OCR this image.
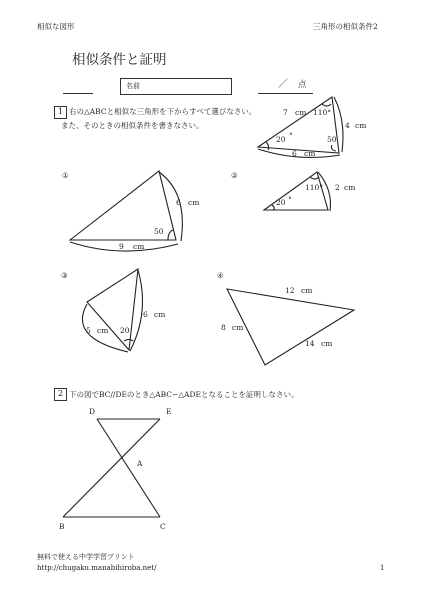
相似な図形	三角形の相似条件2
相似条件と証明
名前	／ 点
1 右の△ABCと相似な三角形を下からすべて選びなさい。
また、そのときの相似条件を書きなさい。
7 cm 110°
4 cm
20 °	50
6 cm
①
6 cm
50
9 cm
②
110° 2 cm
20 °
③
5 cm 20
6 cm
④
12 cm
8 cm
14 cm
D	E
A
B	C
2 下の図でBC//DEのとき△ABC∽△ADEとなることを証明しなさい。
無料で使える中学学習プリント
http://chugaku.manabihiroba.net/	1
